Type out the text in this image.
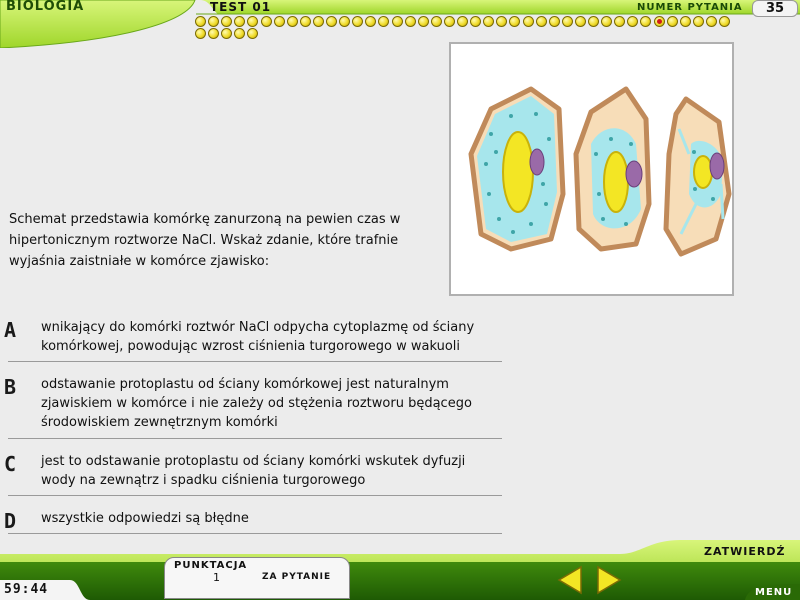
BIOLOGIA	TEST 01	NUMER PYTANIA	35
Schemat przedstawia komórkę zanurzoną na pewien czas w hipertonicznym roztworze NaCl. Wskaż zdanie, które trafnie wyjaśnia zaistniałe w komórce zjawisko:
A wnikający do komórki roztwór NaCl odpycha cytoplazmę od ściany komórkowej, powodując wzrost ciśnienia turgorowego w wakuoli
B odstawanie protoplastu od ściany komórkowej jest naturalnym zjawiskiem w komórce i nie zależy od stężenia roztworu będącego środowiskiem zewnętrznym komórki
C jest to odstawanie protoplastu od ściany komórki wskutek dyfuzji wody na zewnątrz i spadku ciśnienia turgorowego
D wszystkie odpowiedzi są błędne
59:44
PUNKTACJA
1	ZA PYTANIE
ZATWIERDŹ
MENU
